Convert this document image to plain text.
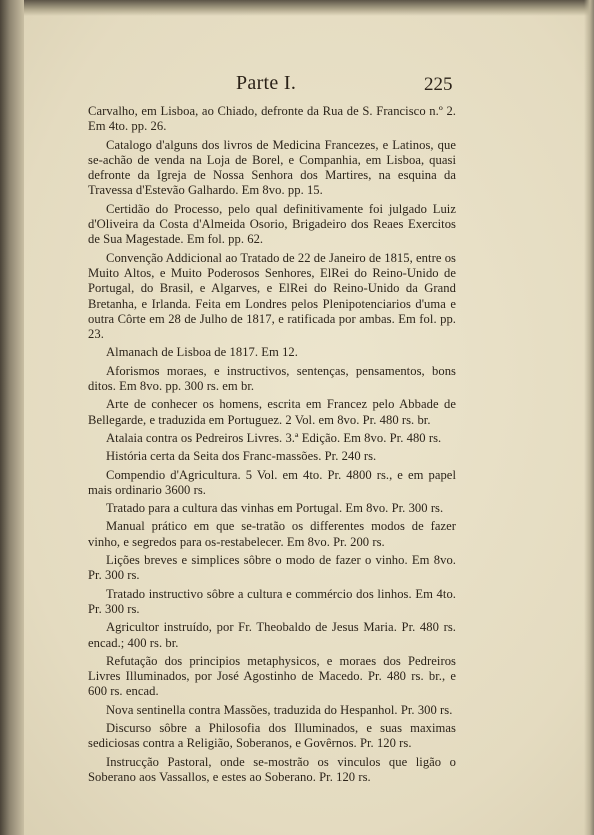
Parte I.	225

Carvalho, em Lisboa, ao Chiado, defronte da Rua de S. Francisco n.º 2. Em 4to. pp. 26.

Catalogo d'alguns dos livros de Medicina Francezes, e Latinos, que se-achão de venda na Loja de Borel, e Companhia, em Lisboa, quasi defronte da Igreja de Nossa Senhora dos Martires, na esquina da Travessa d'Estevão Galhardo. Em 8vo. pp. 15.

Certidão do Processo, pelo qual definitivamente foi julgado Luiz d'Oliveira da Costa d'Almeida Osorio, Brigadeiro dos Reaes Exercitos de Sua Magestade. Em fol. pp. 62.

Convenção Addicional ao Tratado de 22 de Janeiro de 1815, entre os Muito Altos, e Muito Poderosos Senhores, ElRei do Reino-Unido de Portugal, do Brasil, e Algarves, e ElRei do Reino-Unido da Grand Bretanha, e Irlanda. Feita em Londres pelos Plenipotenciarios d'uma e outra Côrte em 28 de Julho de 1817, e ratificada por ambas. Em fol. pp. 23.

Almanach de Lisboa de 1817. Em 12.

Aforismos moraes, e instructivos, sentenças, pensamentos, bons ditos. Em 8vo. pp. 300 rs. em br.

Arte de conhecer os homens, escrita em Francez pelo Abbade de Bellegarde, e traduzida em Portuguez. 2 Vol. em 8vo. Pr. 480 rs. br.

Atalaia contra os Pedreiros Livres. 3.ª Edição. Em 8vo. Pr. 480 rs.

História certa da Seita dos Franc-massões. Pr. 240 rs.

Compendio d'Agricultura. 5 Vol. em 4to. Pr. 4800 rs., e em papel mais ordinario 3600 rs.

Tratado para a cultura das vinhas em Portugal. Em 8vo. Pr. 300 rs.

Manual prático em que se-tratão os differentes modos de fazer vinho, e segredos para os-restabelecer. Em 8vo. Pr. 200 rs.

Lições breves e simplices sôbre o modo de fazer o vinho. Em 8vo. Pr. 300 rs.

Tratado instructivo sôbre a cultura e commércio dos linhos. Em 4to. Pr. 300 rs.

Agricultor instruído, por Fr. Theobaldo de Jesus Maria. Pr. 480 rs. encad.; 400 rs. br.

Refutação dos principios metaphysicos, e moraes dos Pedreiros Livres Illuminados, por José Agostinho de Macedo. Pr. 480 rs. br., e 600 rs. encad.

Nova sentinella contra Massões, traduzida do Hespanhol. Pr. 300 rs.

Discurso sôbre a Philosofia dos Illuminados, e suas maximas sediciosas contra a Religião, Soberanos, e Govêrnos. Pr. 120 rs.

Instrucção Pastoral, onde se-mostrão os vinculos que ligão o Soberano aos Vassallos, e estes ao Soberano. Pr. 120 rs.
